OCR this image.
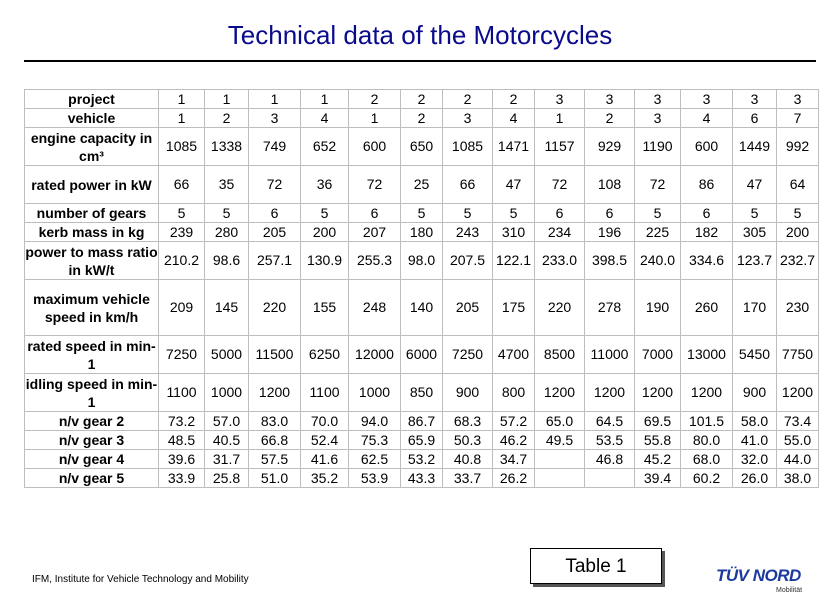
Technical data of the Motorcycles
project	1	1	1	1	2	2	2	2	3	3	3	3	3	3
vehicle	1	2	3	4	1	2	3	4	1	2	3	4	6	7
engine capacity in cm³	1085	1338	749	652	600	650	1085	1471	1157	929	1190	600	1449	992
rated power in kW	66	35	72	36	72	25	66	47	72	108	72	86	47	64
number of gears	5	5	6	5	6	5	5	5	6	6	5	6	5	5
kerb mass in kg	239	280	205	200	207	180	243	310	234	196	225	182	305	200
power to mass ratio in kW/t	210.2	98.6	257.1	130.9	255.3	98.0	207.5	122.1	233.0	398.5	240.0	334.6	123.7	232.7
maximum vehicle speed in km/h	209	145	220	155	248	140	205	175	220	278	190	260	170	230
rated speed in min-1	7250	5000	11500	6250	12000	6000	7250	4700	8500	11000	7000	13000	5450	7750
idling speed in min-1	1100	1000	1200	1100	1000	850	900	800	1200	1200	1200	1200	900	1200
n/v gear 2	73.2	57.0	83.0	70.0	94.0	86.7	68.3	57.2	65.0	64.5	69.5	101.5	58.0	73.4
n/v gear 3	48.5	40.5	66.8	52.4	75.3	65.9	50.3	46.2	49.5	53.5	55.8	80.0	41.0	55.0
n/v gear 4	39.6	31.7	57.5	41.6	62.5	53.2	40.8	34.7		46.8	45.2	68.0	32.0	44.0
n/v gear 5	33.9	25.8	51.0	35.2	53.9	43.3	33.7	26.2			39.4	60.2	26.0	38.0
IFM, Institute for Vehicle Technology and Mobility
Table 1	TÜV NORD
Mobilität
